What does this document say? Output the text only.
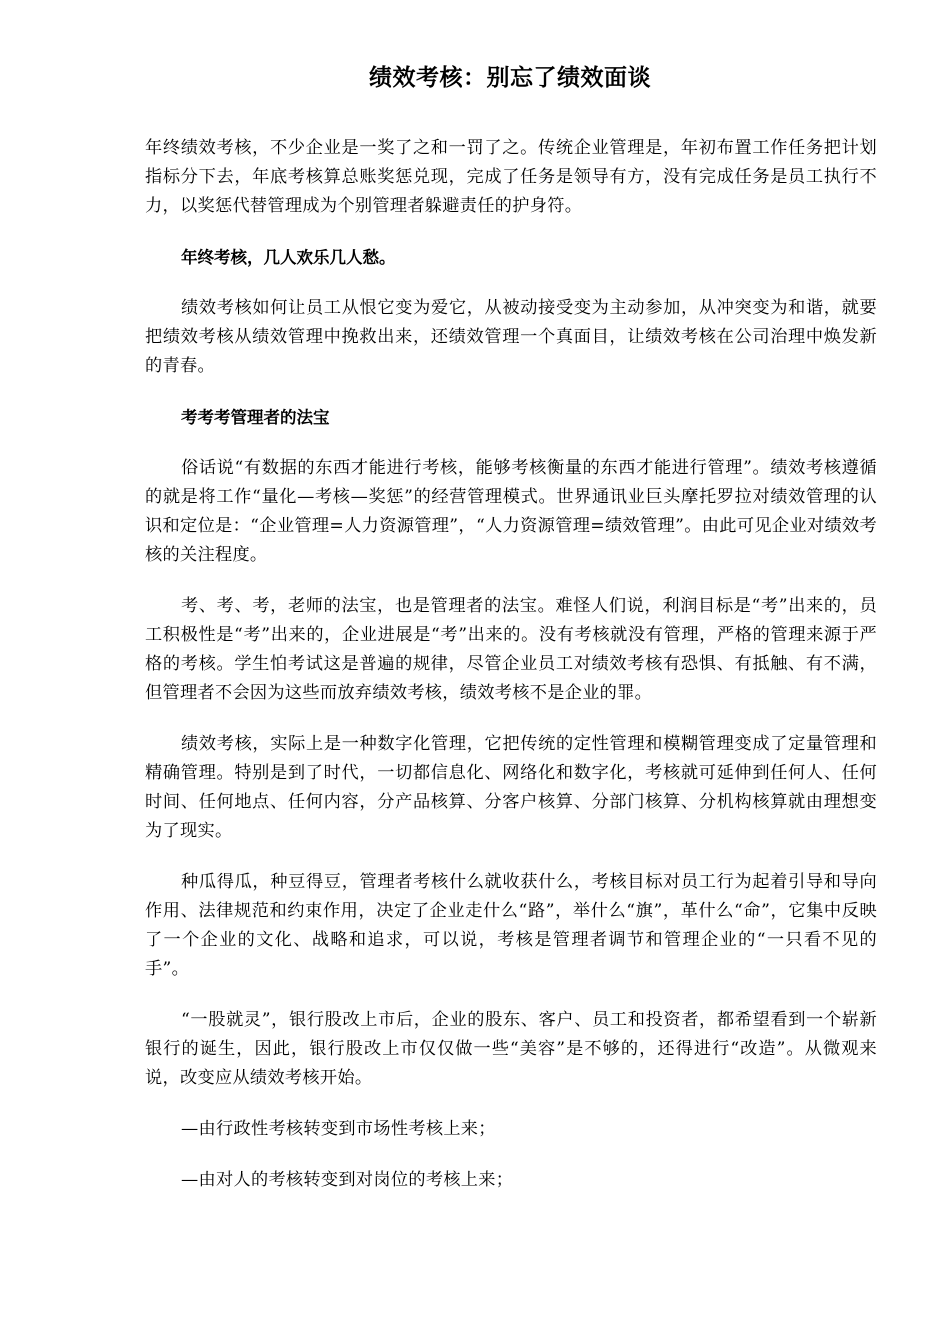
绩效考核：别忘了绩效面谈

年终绩效考核，不少企业是一奖了之和一罚了之。传统企业管理是，年初布置工作任务把计划指标分下去，年底考核算总账奖惩兑现，完成了任务是领导有方，没有完成任务是员工执行不力，以奖惩代替管理成为个别管理者躲避责任的护身符。

年终考核，几人欢乐几人愁。

绩效考核如何让员工从恨它变为爱它，从被动接受变为主动参加，从冲突变为和谐，就要把绩效考核从绩效管理中挽救出来，还绩效管理一个真面目，让绩效考核在公司治理中焕发新的青春。

考考考管理者的法宝

俗话说“有数据的东西才能进行考核，能够考核衡量的东西才能进行管理”。绩效考核遵循的就是将工作“量化—考核—奖惩”的经营管理模式。世界通讯业巨头摩托罗拉对绩效管理的认识和定位是：“企业管理=人力资源管理”，“人力资源管理=绩效管理”。由此可见企业对绩效考核的关注程度。

考、考、考，老师的法宝，也是管理者的法宝。难怪人们说，利润目标是“考”出来的，员工积极性是“考”出来的，企业进展是“考”出来的。没有考核就没有管理，严格的管理来源于严格的考核。学生怕考试这是普遍的规律，尽管企业员工对绩效考核有恐惧、有抵触、有不满，但管理者不会因为这些而放弃绩效考核，绩效考核不是企业的罪。

绩效考核，实际上是一种数字化管理，它把传统的定性管理和模糊管理变成了定量管理和精确管理。特别是到了时代，一切都信息化、网络化和数字化，考核就可延伸到任何人、任何时间、任何地点、任何内容，分产品核算、分客户核算、分部门核算、分机构核算就由理想变为了现实。

种瓜得瓜，种豆得豆，管理者考核什么就收获什么，考核目标对员工行为起着引导和导向作用、法律规范和约束作用，决定了企业走什么“路”，举什么“旗”，革什么“命”，它集中反映了一个企业的文化、战略和追求，可以说，考核是管理者调节和管理企业的“一只看不见的手”。

“一股就灵”，银行股改上市后，企业的股东、客户、员工和投资者，都希望看到一个崭新银行的诞生，因此，银行股改上市仅仅做一些“美容”是不够的，还得进行“改造”。从微观来说，改变应从绩效考核开始。

—由行政性考核转变到市场性考核上来；

—由对人的考核转变到对岗位的考核上来；
